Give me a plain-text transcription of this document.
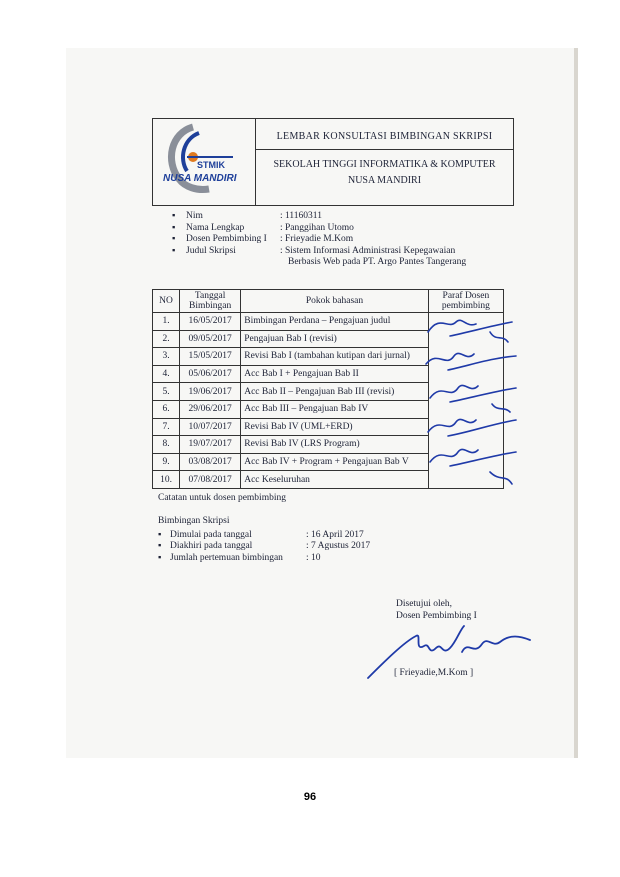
STMIK
NUSA MANDIRI
LEMBAR KONSULTASI BIMBINGAN SKRIPSI
SEKOLAH TINGGI INFORMATIKA & KOMPUTER
NUSA MANDIRI
▪	Nim	: 11160311
▪	Nama Lengkap	: Panggihan Utomo
▪	Dosen Pembimbing I	: Frieyadie M.Kom
▪	Judul Skripsi	: Sistem Informasi Administrasi Kepegawaian
Berbasis Web pada PT. Argo Pantes Tangerang
NO	Tanggal Bimbingan	Pokok bahasan	Paraf Dosen pembimbing
1.	16/05/2017	Bimbingan Perdana – Pengajuan judul	
2.	09/05/2017	Pengajuan Bab I (revisi)	
3.	15/05/2017	Revisi Bab I (tambahan kutipan dari jurnal)	
4.	05/06/2017	Acc Bab I + Pengajuan Bab II	
5.	19/06/2017	Acc Bab II – Pengajuan Bab III (revisi)	
6.	29/06/2017	Acc Bab III – Pengajuan Bab IV	
7.	10/07/2017	Revisi Bab IV (UML+ERD)	
8.	19/07/2017	Revisi Bab IV (LRS Program)	
9.	03/08/2017	Acc Bab IV + Program + Pengajuan Bab V	
10.	07/08/2017	Acc Keseluruhan	
Catatan untuk dosen pembimbing
Bimbingan Skripsi
▪ Dimulai pada tanggal	: 16 April 2017
▪ Diakhiri pada tanggal	: 7 Agustus 2017
▪ Jumlah pertemuan bimbingan	: 10
Disetujui oleh,
Dosen Pembimbing I
[ Frieyadie,M.Kom ]
96
